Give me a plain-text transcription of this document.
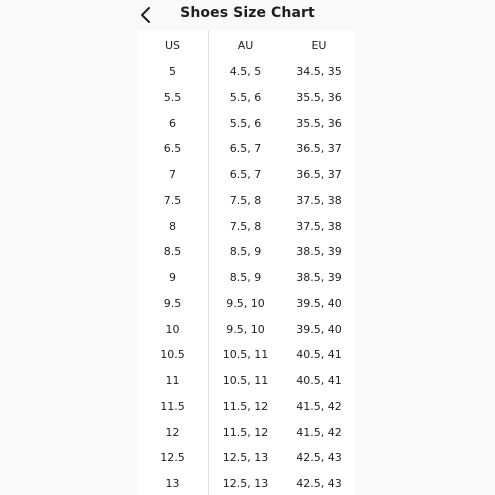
Shoes Size Chart
US	AU	EU
5	4.5, 5	34.5, 35
5.5	5.5, 6	35.5, 36
6	5.5, 6	35.5, 36
6.5	6.5, 7	36.5, 37
7	6.5, 7	36.5, 37
7.5	7.5, 8	37.5, 38
8	7.5, 8	37.5, 38
8.5	8.5, 9	38.5, 39
9	8.5, 9	38.5, 39
9.5	9.5, 10	39.5, 40
10	9.5, 10	39.5, 40
10.5	10.5, 11	40.5, 41
11	10.5, 11	40.5, 41
11.5	11.5, 12	41.5, 42
12	11.5, 12	41.5, 42
12.5	12.5, 13	42.5, 43
13	12.5, 13	42.5, 43
